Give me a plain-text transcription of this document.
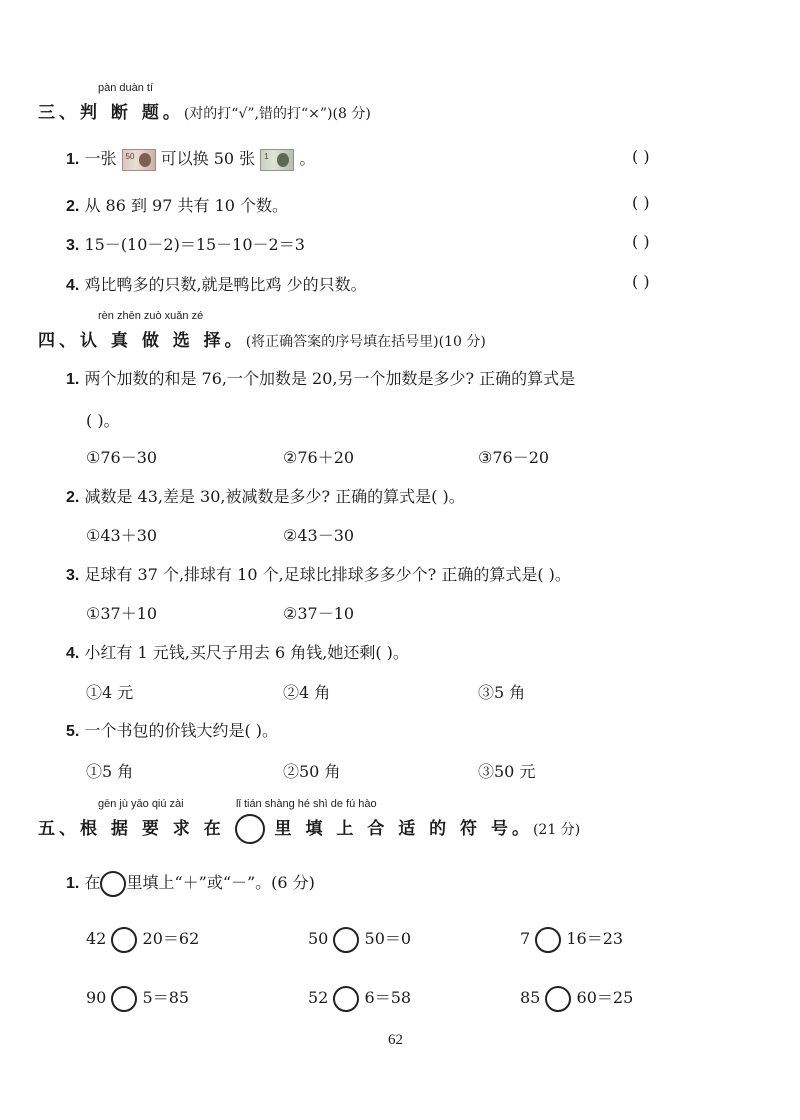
pàn duàn tí
三、判 断 题。(对的打“√”,错的打“×”)(8 分)
1. 一张 50 可以换 50 张 1 。	( )
2. 从 86 到 97 共有 10 个数。	( )
3. 15－(10－2)＝15－10－2＝3	( )
4. 鸡比鸭多的只数,就是鸭比鸡 少的只数。	( )
rèn zhēn zuò xuǎn zé
四、认 真 做 选 择。(将正确答案的序号填在括号里)(10 分)
1. 两个加数的和是 76,一个加数是 20,另一个加数是多少? 正确的算式是
( )。
①76－30	②76＋20	③76－20
2. 减数是 43,差是 30,被减数是多少? 正确的算式是( )。
①43＋30	②43－30
3. 足球有 37 个,排球有 10 个,足球比排球多多少个? 正确的算式是( )。
①37＋10	②37－10
4. 小红有 1 元钱,买尺子用去 6 角钱,她还剩( )。
①4 元	②4 角	③5 角
5. 一个书包的价钱大约是( )。
①5 角	②50 角	③50 元
gēn jù yāo qiú zài	lǐ tián shàng hé shì de fú hào
五、根 据 要 求 在	里 填 上 合 适 的 符 号。(21 分)
1. 在 里填上“＋”或“－”。(6 分)
42 20＝62	50 50＝0	7 16＝23
90 5＝85	52 6＝58	85 60＝25
62
